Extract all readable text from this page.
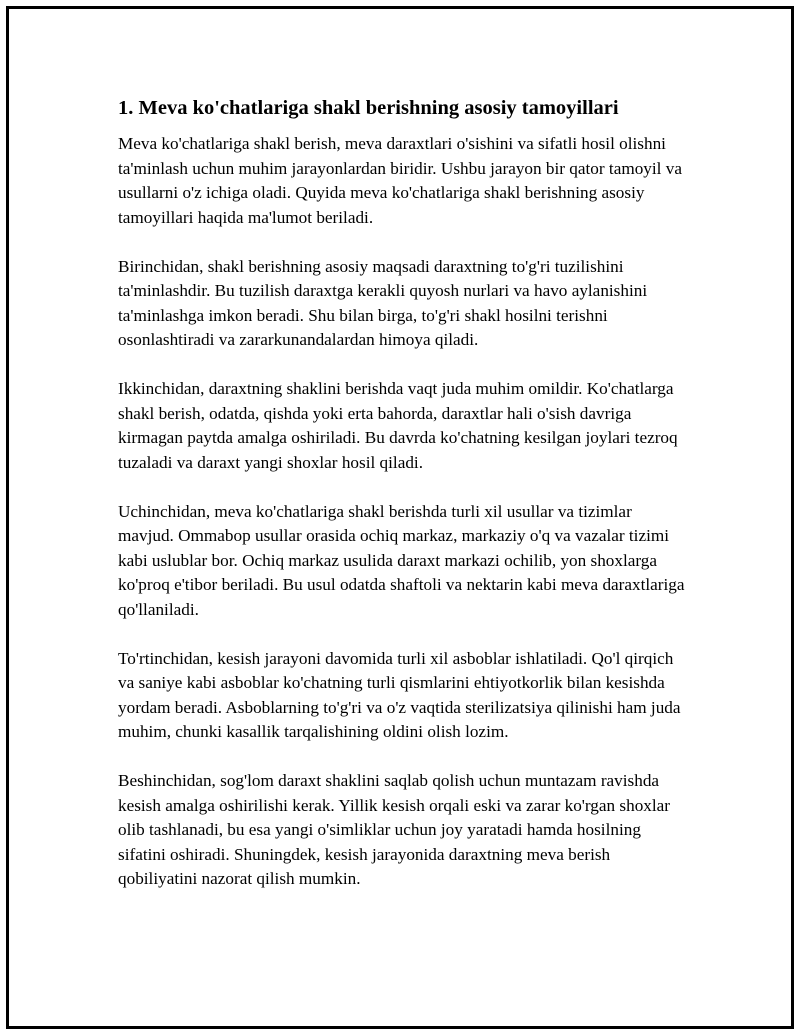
1. Meva ko'chatlariga shakl berishning asosiy tamoyillari

Meva ko'chatlariga shakl berish, meva daraxtlari o'sishini va sifatli hosil olishni ta'minlash uchun muhim jarayonlardan biridir. Ushbu jarayon bir qator tamoyil va usullarni o'z ichiga oladi. Quyida meva ko'chatlariga shakl berishning asosiy tamoyillari haqida ma'lumot beriladi.

Birinchidan, shakl berishning asosiy maqsadi daraxtning to'g'ri tuzilishini ta'minlashdir. Bu tuzilish daraxtga kerakli quyosh nurlari va havo aylanishini ta'minlashga imkon beradi. Shu bilan birga, to'g'ri shakl hosilni terishni osonlashtiradi va zararkunandalardan himoya qiladi.

Ikkinchidan, daraxtning shaklini berishda vaqt juda muhim omildir. Ko'chatlarga shakl berish, odatda, qishda yoki erta bahorda, daraxtlar hali o'sish davriga kirmagan paytda amalga oshiriladi. Bu davrda ko'chatning kesilgan joylari tezroq tuzaladi va daraxt yangi shoxlar hosil qiladi.

Uchinchidan, meva ko'chatlariga shakl berishda turli xil usullar va tizimlar mavjud. Ommabop usullar orasida ochiq markaz, markaziy o'q va vazalar tizimi kabi uslublar bor. Ochiq markaz usulida daraxt markazi ochilib, yon shoxlarga ko'proq e'tibor beriladi. Bu usul odatda shaftoli va nektarin kabi meva daraxtlariga qo'llaniladi.

To'rtinchidan, kesish jarayoni davomida turli xil asboblar ishlatiladi. Qo'l qirqich va saniye kabi asboblar ko'chatning turli qismlarini ehtiyotkorlik bilan kesishda yordam beradi. Asboblarning to'g'ri va o'z vaqtida sterilizatsiya qilinishi ham juda muhim, chunki kasallik tarqalishining oldini olish lozim.

Beshinchidan, sog'lom daraxt shaklini saqlab qolish uchun muntazam ravishda kesish amalga oshirilishi kerak. Yillik kesish orqali eski va zarar ko'rgan shoxlar olib tashlanadi, bu esa yangi o'simliklar uchun joy yaratadi hamda hosilning sifatini oshiradi. Shuningdek, kesish jarayonida daraxtning meva berish qobiliyatini nazorat qilish mumkin.
